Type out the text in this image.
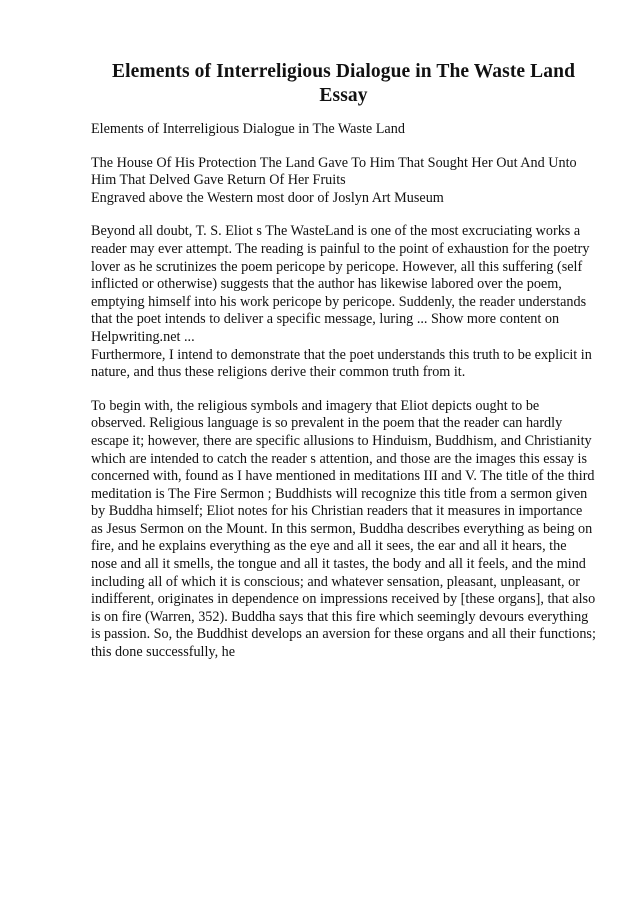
Elements of Interreligious Dialogue in The Waste Land Essay

Elements of Interreligious Dialogue in The Waste Land

The House Of His Protection The Land Gave To Him That Sought Her Out And Unto Him That Delved Gave Return Of Her Fruits

Engraved above the Western most door of Joslyn Art Museum

Beyond all doubt, T. S. Eliot s The WasteLand is one of the most excruciating works a reader may ever attempt. The reading is painful to the point of exhaustion for the poetry lover as he scrutinizes the poem pericope by pericope. However, all this suffering (self inflicted or otherwise) suggests that the author has likewise labored over the poem, emptying himself into his work pericope by pericope. Suddenly, the reader understands that the poet intends to deliver a specific message, luring ... Show more content on Helpwriting.net ...

Furthermore, I intend to demonstrate that the poet understands this truth to be explicit in nature, and thus these religions derive their common truth from it.

To begin with, the religious symbols and imagery that Eliot depicts ought to be observed. Religious language is so prevalent in the poem that the reader can hardly escape it; however, there are specific allusions to Hinduism, Buddhism, and Christianity which are intended to catch the reader s attention, and those are the images this essay is concerned with, found as I have mentioned in meditations III and V. The title of the third meditation is The Fire Sermon ; Buddhists will recognize this title from a sermon given by Buddha himself; Eliot notes for his Christian readers that it measures in importance as Jesus Sermon on the Mount. In this sermon, Buddha describes everything as being on fire, and he explains everything as the eye and all it sees, the ear and all it hears, the nose and all it smells, the tongue and all it tastes, the body and all it feels, and the mind including all of which it is conscious; and whatever sensation, pleasant, unpleasant, or indifferent, originates in dependence on impressions received by [these organs], that also is on fire (Warren, 352). Buddha says that this fire which seemingly devours everything is passion. So, the Buddhist develops an aversion for these organs and all their functions; this done successfully, he
